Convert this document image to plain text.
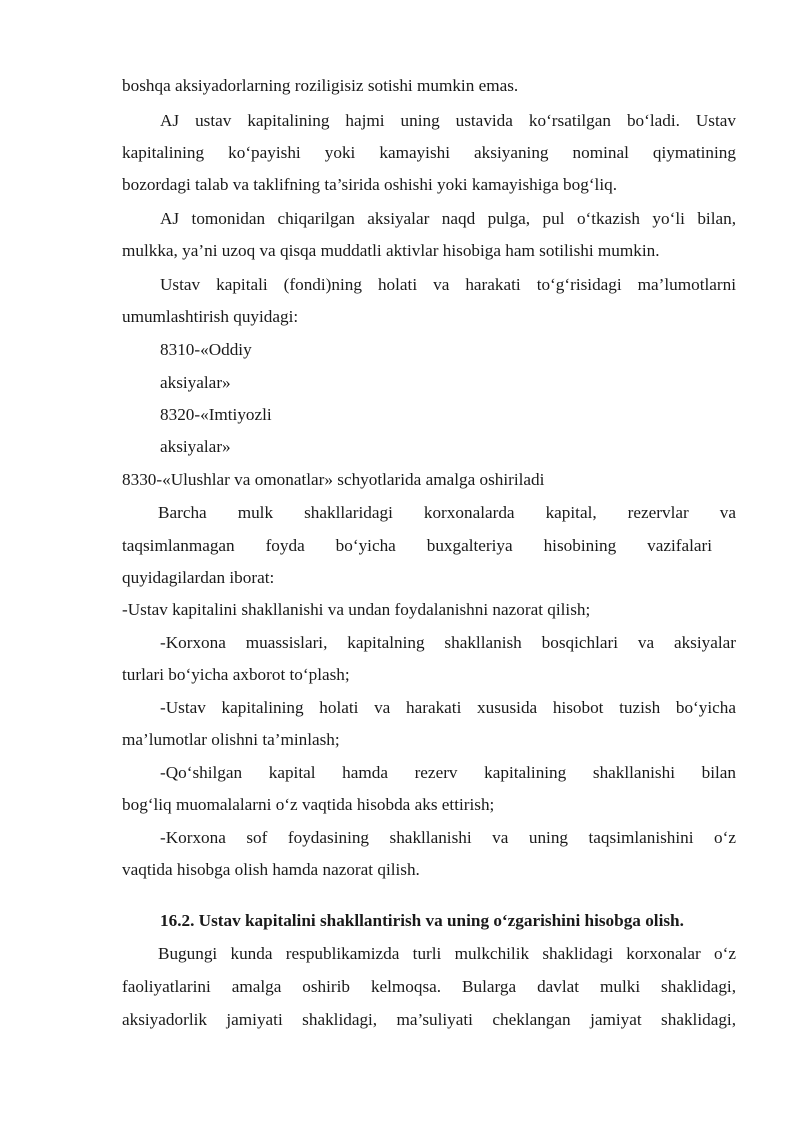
boshqa aksiyadorlarning roziligisiz sotishi mumkin emas.
AJ ustav kapitalining hajmi uning ustavida ko‘rsatilgan bo‘ladi. Ustav
kapitalining ko‘payishi yoki kamayishi aksiyaning nominal qiymatining
bozordagi talab va taklifning ta’sirida oshishi yoki kamayishiga bog‘liq.
AJ tomonidan chiqarilgan aksiyalar naqd pulga, pul o‘tkazish yo‘li bilan,
mulkka, ya’ni uzoq va qisqa muddatli aktivlar hisobiga ham sotilishi mumkin.
Ustav kapitali (fondi)ning holati va harakati to‘g‘risidagi ma’lumotlarni
umumlashtirish quyidagi:
8310-«Oddiy
aksiyalar»
8320-«Imtiyozli
aksiyalar»
8330-«Ulushlar va omonatlar» schyotlarida amalga oshiriladi
Barcha mulk shakllaridagi korxonalarda kapital, rezervlar va
taqsimlanmagan foyda bo‘yicha buxgalteriya hisobining vazifalari
quyidagilardan iborat:
-Ustav kapitalini shakllanishi va undan foydalanishni nazorat qilish;
-Korxona muassislari, kapitalning shakllanish bosqichlari va aksiyalar
turlari bo‘yicha axborot to‘plash;
-Ustav kapitalining holati va harakati xususida hisobot tuzish bo‘yicha
ma’lumotlar olishni ta’minlash;
-Qo‘shilgan kapital hamda rezerv kapitalining shakllanishi bilan
bog‘liq muomalalarni o‘z vaqtida hisobda aks ettirish;
-Korxona sof foydasining shakllanishi va uning taqsimlanishini o‘z
vaqtida hisobga olish hamda nazorat qilish.
16.2. Ustav kapitalini shakllantirish va uning o‘zgarishini hisobga olish.
Bugungi kunda respublikamizda turli mulkchilik shaklidagi korxonalar o‘z
faoliyatlarini amalga oshirib kelmoqsa. Bularga davlat mulki shaklidagi,
aksiyadorlik jamiyati shaklidagi, ma’suliyati cheklangan jamiyat shaklidagi,
